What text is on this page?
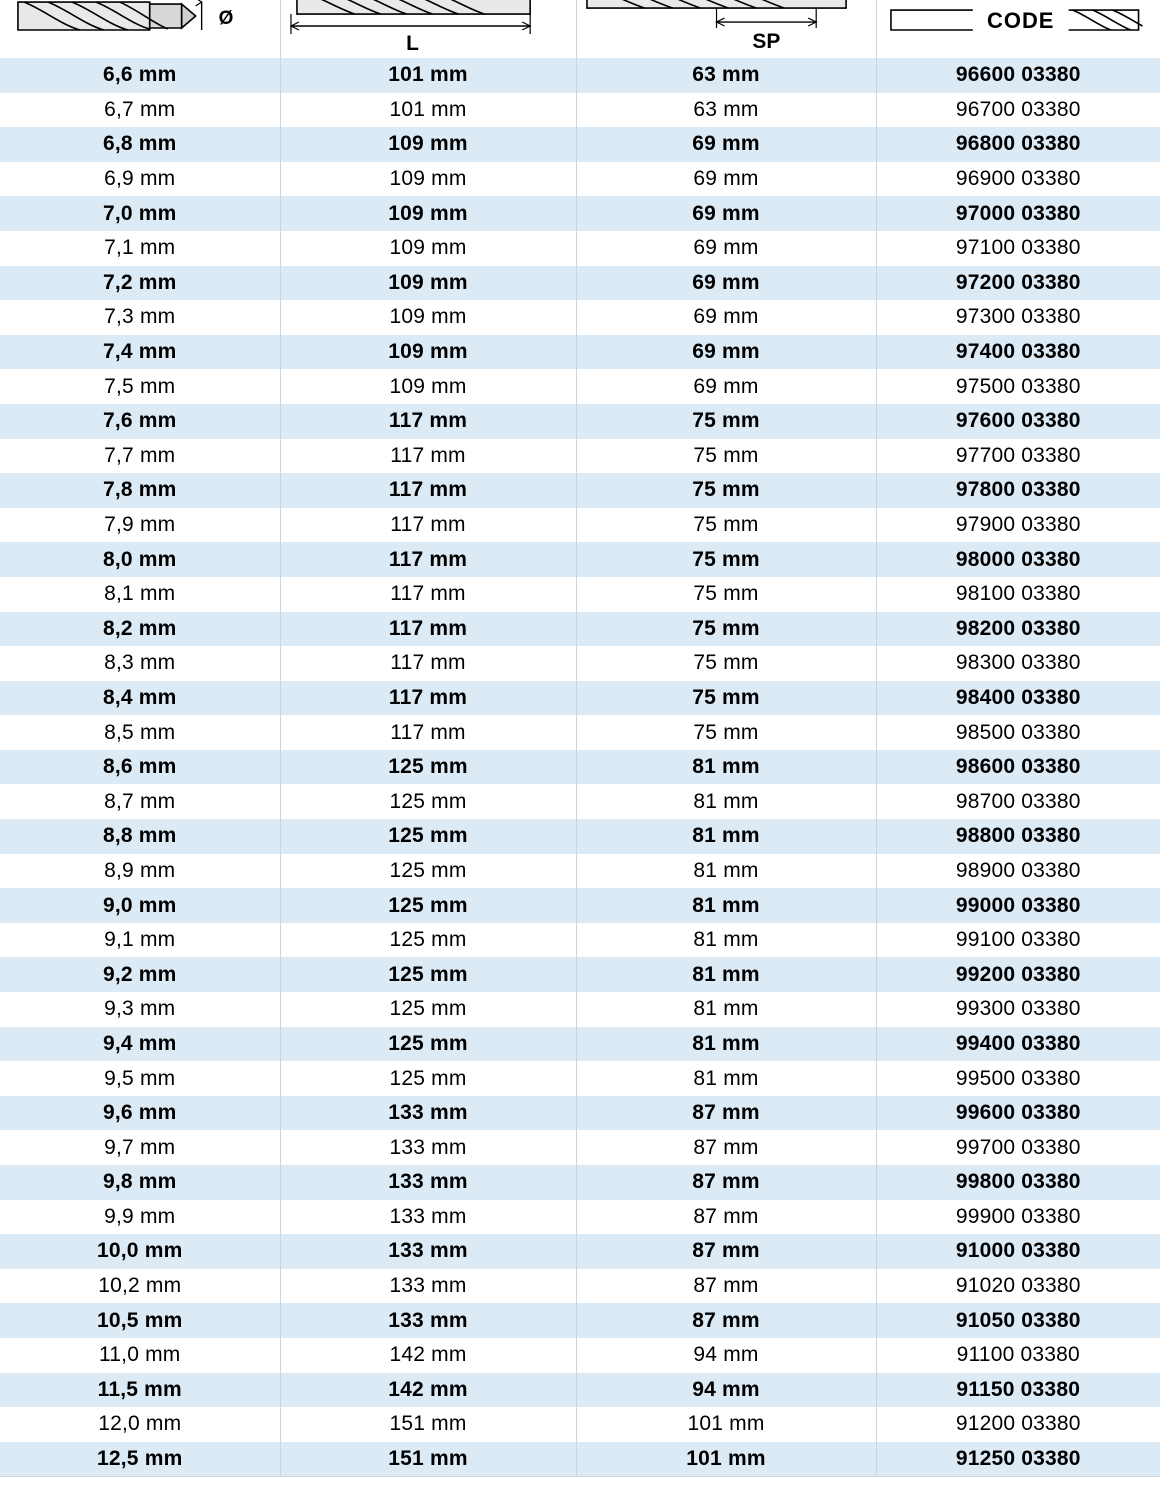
Ø	L	SP	CODE

6,6 mm	101 mm	63 mm	96600 03380
6,7 mm	101 mm	63 mm	96700 03380
6,8 mm	109 mm	69 mm	96800 03380
6,9 mm	109 mm	69 mm	96900 03380
7,0 mm	109 mm	69 mm	97000 03380
7,1 mm	109 mm	69 mm	97100 03380
7,2 mm	109 mm	69 mm	97200 03380
7,3 mm	109 mm	69 mm	97300 03380
7,4 mm	109 mm	69 mm	97400 03380
7,5 mm	109 mm	69 mm	97500 03380
7,6 mm	117 mm	75 mm	97600 03380
7,7 mm	117 mm	75 mm	97700 03380
7,8 mm	117 mm	75 mm	97800 03380
7,9 mm	117 mm	75 mm	97900 03380
8,0 mm	117 mm	75 mm	98000 03380
8,1 mm	117 mm	75 mm	98100 03380
8,2 mm	117 mm	75 mm	98200 03380
8,3 mm	117 mm	75 mm	98300 03380
8,4 mm	117 mm	75 mm	98400 03380
8,5 mm	117 mm	75 mm	98500 03380
8,6 mm	125 mm	81 mm	98600 03380
8,7 mm	125 mm	81 mm	98700 03380
8,8 mm	125 mm	81 mm	98800 03380
8,9 mm	125 mm	81 mm	98900 03380
9,0 mm	125 mm	81 mm	99000 03380
9,1 mm	125 mm	81 mm	99100 03380
9,2 mm	125 mm	81 mm	99200 03380
9,3 mm	125 mm	81 mm	99300 03380
9,4 mm	125 mm	81 mm	99400 03380
9,5 mm	125 mm	81 mm	99500 03380
9,6 mm	133 mm	87 mm	99600 03380
9,7 mm	133 mm	87 mm	99700 03380
9,8 mm	133 mm	87 mm	99800 03380
9,9 mm	133 mm	87 mm	99900 03380
10,0 mm	133 mm	87 mm	91000 03380
10,2 mm	133 mm	87 mm	91020 03380
10,5 mm	133 mm	87 mm	91050 03380
11,0 mm	142 mm	94 mm	91100 03380
11,5 mm	142 mm	94 mm	91150 03380
12,0 mm	151 mm	101 mm	91200 03380
12,5 mm	151 mm	101 mm	91250 03380
